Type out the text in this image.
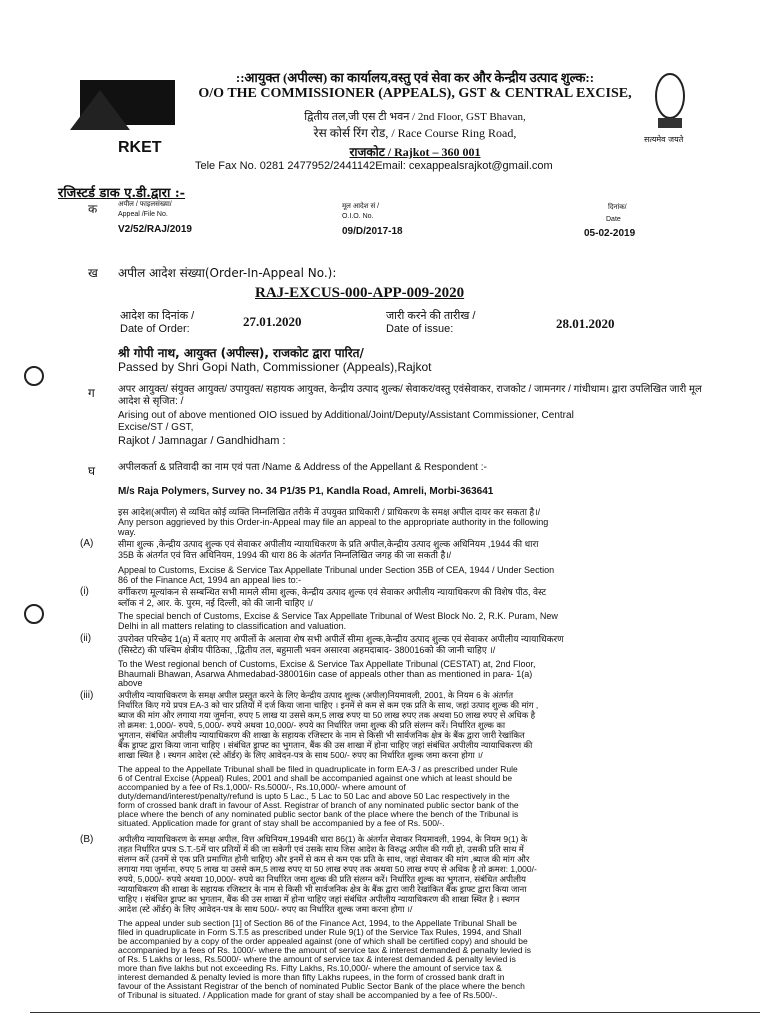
RKET	सत्यमेव जयते
::आयुक्त (अपील्स) का कार्यालय,वस्तु एवं सेवा कर और केन्द्रीय उत्पाद शुल्क::
O/O THE COMMISSIONER (APPEALS), GST & CENTRAL EXCISE,
द्वितीय तल,जी एस टी भवन / 2nd Floor, GST Bhavan,
रेस कोर्स रिंग रोड, / Race Course Ring Road,
राजकोट / Rajkot – 360 001
Tele Fax No. 0281 2477952/2441142Email: cexappealsrajkot@gmail.com
रजिस्टर्ड डाक ए.डी.द्वारा :-
क	अपील / फाइलसंख्या/
Appeal /File No.
V2/52/RAJ/2019
मूल आदेश सं /
O.I.O. No.
09/D/2017-18
दिनांक/
Date
05-02-2019
ख अपील आदेश संख्या(Order-In-Appeal No.):
RAJ-EXCUS-000-APP-009-2020
आदेश का दिनांक /
Date of Order:	27.01.2020	जारी करने की तारीख /
Date of issue:	28.01.2020
श्री गोपी नाथ, आयुक्त (अपील्स), राजकोट द्वारा पारित/
Passed by Shri Gopi Nath, Commissioner (Appeals),Rajkot
ग अपर आयुक्त/ संयुक्त आयुक्त/ उपायुक्त/ सहायक आयुक्त, केन्द्रीय उत्पाद शुल्क/ सेवाकर/वस्तु एवंसेवाकर, राजकोट / जामनगर / गांधीधाम। द्वारा उपलिखित जारी मूल आदेश से सृजित: /
Arising out of above mentioned OIO issued by Additional/Joint/Deputy/Assistant Commissioner, Central
Excise/ST / GST,
Rajkot / Jamnagar / Gandhidham :
घ अपीलकर्ता & प्रतिवादी का नाम एवं पता /Name & Address of the Appellant & Respondent :-
M/s Raja Polymers, Survey no. 34 P1/35 P1, Kandla Road, Amreli, Morbi-363641
इस आदेश(अपील) से व्यथित कोई व्यक्ति निम्नलिखित तरीके में उपयुक्त प्राधिकारी / प्राधिकरण के समक्ष अपील दायर कर सकता है।/
Any person aggrieved by this Order-in-Appeal may file an appeal to the appropriate authority in the following
way.
(A)	सीमा शुल्क ,केन्द्रीय उत्पाद शुल्क एवं सेवाकर अपीलीय न्यायाधिकरण के प्रति अपील,केन्द्रीय उत्पाद शुल्क अधिनियम ,1944 की धारा
35B के अंतर्गत एवं वित्त अधिनियम, 1994 की धारा 86 के अंतर्गत निम्नलिखित जगह की जा सकती है।/
Appeal to Customs, Excise & Service Tax Appellate Tribunal under Section 35B of CEA, 1944 / Under Section
86 of the Finance Act, 1994 an appeal lies to:-
(i)	वर्गीकरण मूल्यांकन से सम्बन्धित सभी मामले सीमा शुल्क, केन्द्रीय उत्पाद शुल्क एवं सेवाकर अपीलीय न्यायाधिकरण की विशेष पीठ, वेस्ट
ब्लॉक नं 2, आर. के. पुरम, नई दिल्ली, को की जानी चाहिए ।/
The special bench of Customs, Excise & Service Tax Appellate Tribunal of West Block No. 2, R.K. Puram, New
Delhi in all matters relating to classification and valuation.
(ii)	उपरोक्त परिच्छेद 1(a) में बताए गए अपीलों के अलावा शेष सभी अपीलें सीमा शुल्क,केन्द्रीय उत्पाद शुल्क एवं सेवाकर अपीलीय न्यायाधिकरण
(सिस्टेट) की पश्चिम क्षेत्रीय पीठिका, ,द्वितीय तल, बहुमाली भवन असारवा अहमदाबाद- 380016को की जानी चाहिए ।/
To the West regional bench of Customs, Excise & Service Tax Appellate Tribunal (CESTAT) at, 2nd Floor,
Bhaumali Bhawan, Asarwa Ahmedabad-380016in case of appeals other than as mentioned in para- 1(a)
above
(iii)	अपीलीय न्यायाधिकरण के समक्ष अपील प्रस्तुत करने के लिए केन्द्रीय उत्पाद शुल्क (अपील)नियमावली, 2001, के नियम 6 के अंतर्गत
निर्धारित किए गये प्रपत्र EA-3 को चार प्रतियों में दर्ज किया जाना चाहिए । इनमें से कम से कम एक प्रति के साथ, जहां उत्पाद शुल्क की मांग ,
ब्याज की मांग और लगाया गया जुर्माना, रुपए 5 लाख या उससे कम,5 लाख रुपए या 50 लाख रुपए तक अथवा 50 लाख रुपए से अधिक है
तो क्रमश: 1,000/- रुपये, 5,000/- रुपये अथवा 10,000/- रुपये का निर्धारित जमा शुल्क की प्रति संलग्न करें। निर्धारित शुल्क का
भुगतान, संबंधित अपीलीय न्यायाधिकरण की शाखा के सहायक रजिस्टार के नाम से किसी भी सार्वजनिक क्षेत्र के बैंक द्वारा जारी रेखांकित
बैंक ड्राफ्ट द्वारा किया जाना चाहिए । संबंधित ड्राफ्ट का भुगतान, बैंक की उस शाखा में होना चाहिए जहां संबंधित अपीलीय न्यायाधिकरण की
शाखा स्थित है । स्थगन आदेश (स्टे ऑर्डर) के लिए आवेदन-पत्र के साथ 500/- रुपए का निर्धारित शुल्क जमा करना होगा ।/
The appeal to the Appellate Tribunal shall be filed in quadruplicate in form EA-3 / as prescribed under Rule
6 of Central Excise (Appeal) Rules, 2001 and shall be accompanied against one which at least should be
accompanied by a fee of Rs.1,000/- Rs.5000/-, Rs.10,000/- where amount of
duty/demand/interest/penalty/refund is upto 5 Lac., 5 Lac to 50 Lac and above 50 Lac respectively in the
form of crossed bank draft in favour of Asst. Registrar of branch of any nominated public sector bank of the
place where the bench of any nominated public sector bank of the place where the bench of the Tribunal is
situated. Application made for grant of stay shall be accompanied by a fee of Rs. 500/-.
(B)	अपीलीय न्यायाधिकरण के समक्ष अपील, वित्त अधिनियम,1994की धारा 86(1) के अंतर्गत सेवाकर नियमावली, 1994, के नियम 9(1) के
तहत निर्धारित प्रपत्र S.T.-5में चार प्रतियों में की जा सकेगी एवं उसके साथ जिस आदेश के विरुद्ध अपील की गयी हो, उसकी प्रति साथ में
संलग्न करें (उनमें से एक प्रति प्रमाणित होनी चाहिए) और इनमें से कम से कम एक प्रति के साथ, जहां सेवाकर की मांग ,ब्याज की मांग और
लगाया गया जुर्माना, रुपए 5 लाख या उससे कम,5 लाख रुपए या 50 लाख रुपए तक अथवा 50 लाख रुपए से अधिक है तो क्रमश: 1,000/-
रुपये, 5,000/- रुपये अथवा 10,000/- रुपये का निर्धारित जमा शुल्क की प्रति संलग्न करें। निर्धारित शुल्क का भुगतान, संबंधित अपीलीय
न्यायाधिकरण की शाखा के सहायक रजिस्टार के नाम से किसी भी सार्वजनिक क्षेत्र के बैंक द्वारा जारी रेखांकित बैंक ड्राफ्ट द्वारा किया जाना
चाहिए । संबंधित ड्राफ्ट का भुगतान, बैंक की उस शाखा में होना चाहिए जहां संबंधित अपीलीय न्यायाधिकरण की शाखा स्थित है । स्थगन
आदेश (स्टे ऑर्डर) के लिए आवेदन-पत्र के साथ 500/- रुपए का निर्धारित शुल्क जमा करना होगा ।/
The appeal under sub section [1] of Section 86 of the Finance Act, 1994, to the Appellate Tribunal Shall be
filed in quadruplicate in Form S.T.5 as prescribed under Rule 9(1) of the Service Tax Rules, 1994, and Shall
be accompanied by a copy of the order appealed against (one of which shall be certified copy) and should be
accompanied by a fees of Rs. 1000/- where the amount of service tax & interest demanded & penalty levied is
of Rs. 5 Lakhs or less, Rs.5000/- where the amount of service tax & interest demanded & penalty levied is
more than five lakhs but not exceeding Rs. Fifty Lakhs, Rs.10,000/- where the amount of service tax &
interest demanded & penalty levied is more than fifty Lakhs rupees, in the form of crossed bank draft in
favour of the Assistant Registrar of the bench of nominated Public Sector Bank of the place where the bench
of Tribunal is situated. / Application made for grant of stay shall be accompanied by a fee of Rs.500/-.
